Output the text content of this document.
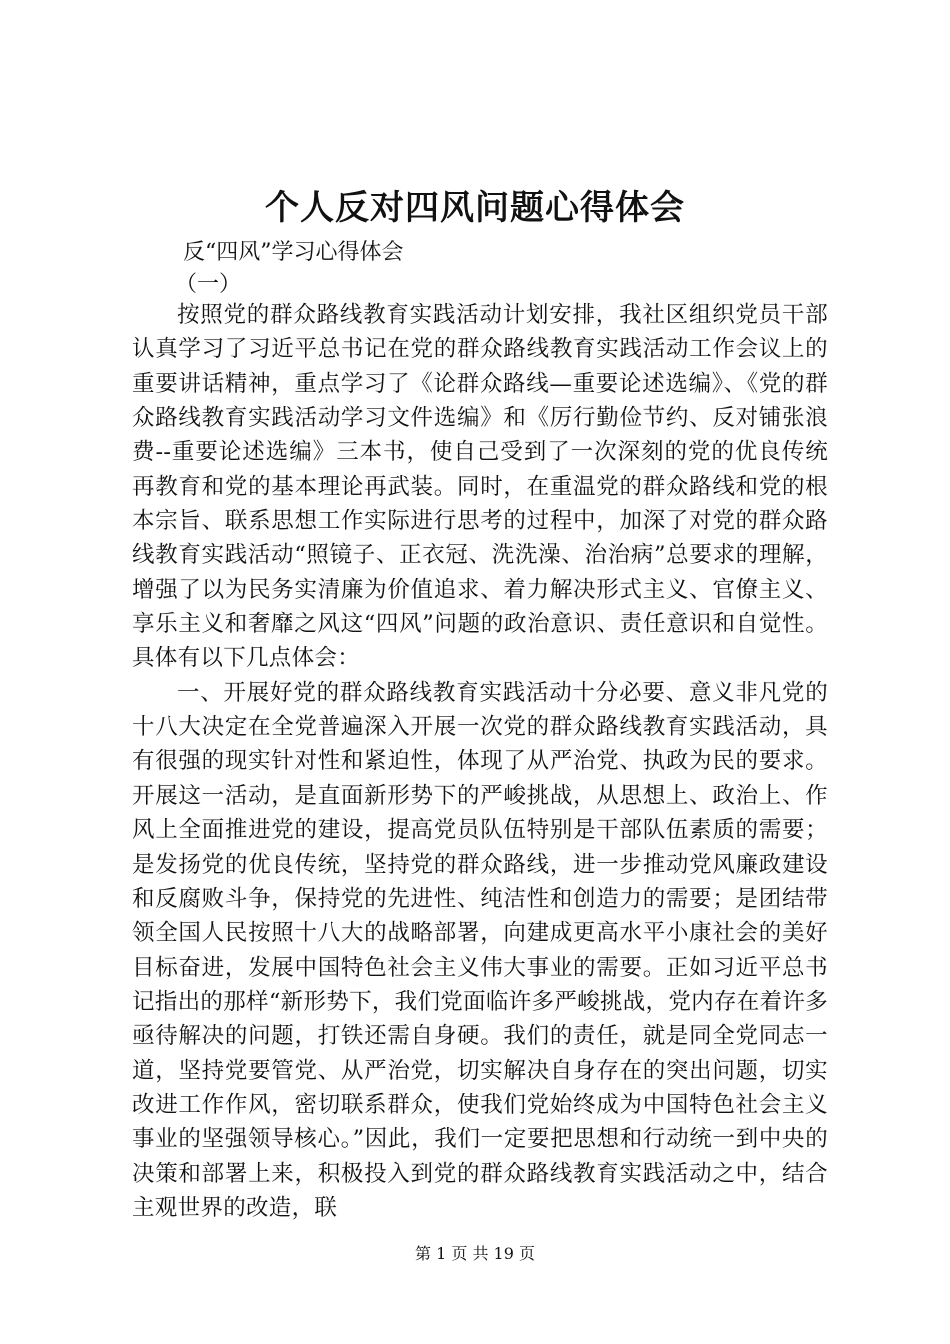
个人反对四风问题心得体会

反“四风”学习心得体会

（一）

按照党的群众路线教育实践活动计划安排，我社区组织党员干部认真学习了习近平总书记在党的群众路线教育实践活动工作会议上的重要讲话精神，重点学习了《论群众路线—重要论述选编》、《党的群众路线教育实践活动学习文件选编》和《厉行勤俭节约、反对铺张浪费--重要论述选编》三本书，使自己受到了一次深刻的党的优良传统再教育和党的基本理论再武装。同时，在重温党的群众路线和党的根本宗旨、联系思想工作实际进行思考的过程中，加深了对党的群众路线教育实践活动“照镜子、正衣冠、洗洗澡、治治病”总要求的理解，增强了以为民务实清廉为价值追求、着力解决形式主义、官僚主义、享乐主义和奢靡之风这“四风”问题的政治意识、责任意识和自觉性。具体有以下几点体会：

一、开展好党的群众路线教育实践活动十分必要、意义非凡党的十八大决定在全党普遍深入开展一次党的群众路线教育实践活动，具有很强的现实针对性和紧迫性，体现了从严治党、执政为民的要求。开展这一活动，是直面新形势下的严峻挑战，从思想上、政治上、作风上全面推进党的建设，提高党员队伍特别是干部队伍素质的需要；是发扬党的优良传统，坚持党的群众路线，进一步推动党风廉政建设和反腐败斗争，保持党的先进性、纯洁性和创造力的需要；是团结带领全国人民按照十八大的战略部署，向建成更高水平小康社会的美好目标奋进，发展中国特色社会主义伟大事业的需要。正如习近平总书记指出的那样“新形势下，我们党面临许多严峻挑战，党内存在着许多亟待解决的问题，打铁还需自身硬。我们的责任，就是同全党同志一道，坚持党要管党、从严治党，切实解决自身存在的突出问题，切实改进工作作风，密切联系群众，使我们党始终成为中国特色社会主义事业的坚强领导核心。”因此，我们一定要把思想和行动统一到中央的决策和部署上来，积极投入到党的群众路线教育实践活动之中，结合主观世界的改造，联

第 1 页 共 19 页
